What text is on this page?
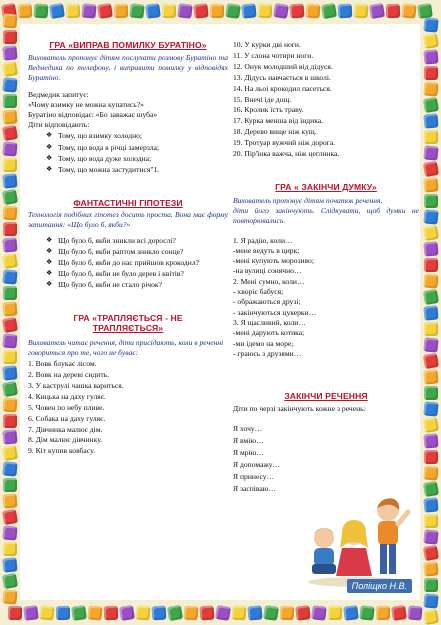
ГРА «ВИПРАВ ПОМИЛКУ БУРАТІНО»

Вихователь пропонує дітям послухати розмову Буратіно та Ведмедика по телефону, і виправити помилку у відповідях Буратіно.

Ведмедик запитує:

«Чому взимку не можна купатись?»

Буратіно відповідає: «Бо заважає шуба»

Діти відповідають:

❖ Тому, що взимку холодно;
❖ Тому, що вода в річці замерзла;
❖ Тому, що вода дуже холодна;
❖ Тому, що можна застудитися"1.

ФАНТАСТИЧНІ ГІПОТЕЗИ

Технологія подібних гіпотез досить проста. Вона має форму запитання: «Що було б, якби?»

❖ Що було б, якби зникли всі дорослі?
❖ Що було б, якби раптом зникло сонце?
❖ Що було б, якби до нас прийшов крокодил?
❖ Що було б, якби не було дерев і квітів?
❖ Що було б, якби не стало річок?

ГРА «ТРАПЛЯЄТЬСЯ - НЕ

ТРАПЛЯЄТЬСЯ»

Вихователь читає речення, діти присідають, коли в реченні говориться про те, чого не буває:

1. Вовк блукає лісом.
2. Вовк на дереві сидить.
3. У каструлі чашка вариться.
4. Кицька на даху гуляє.
5. Човен по небу пливе.
6. Собака на даху гуляє.
7. Дівчинка малює дім.
8. Дім малює дівчинку.
9. Кіт купив ковбасу.
10. У курки дві ноги.
11. У слона чотири ноги.
12. Онук молодший від дідуся.
13. Дідусь навчається в школі.
14. На льоі крокодил пасеться.
15. Внечі іде дощ.
16. Кролик їсть траву.
17. Курка менша від індика.
18. Дерево вище ніж кущ.
19. Тротуар вужчий ніж дорога.
20. Пір'їнка важча, ніж цеглинка.

ГРА « ЗАКІНЧИ ДУМКУ»

Вихователь пропонує дітям початок речення,

діти його закінчують. Слідкувати, щоб думки не повторювались.

1. Я радію, коли…

-мене ведуть в цирк;

-мені купують морозиво;

-на вулиці сонячно…

2. Мені сумно, коли…

- хворіє бабуся;

- ображаються друзі;

- закінчуються цукерки…

3. Я щасливий, коли…

-мені дарують котика;

-ми ідемо на море;

- граюсь з друзями…

ЗАКІНЧИ РЕЧЕННЯ

Діти по черзі закінчують кожне з речень:

Я хочу…

Я вмію…

Я мрію…

Я допомажу…

Я принесу…

Я заспіваю…

Поліщко Н.В.
